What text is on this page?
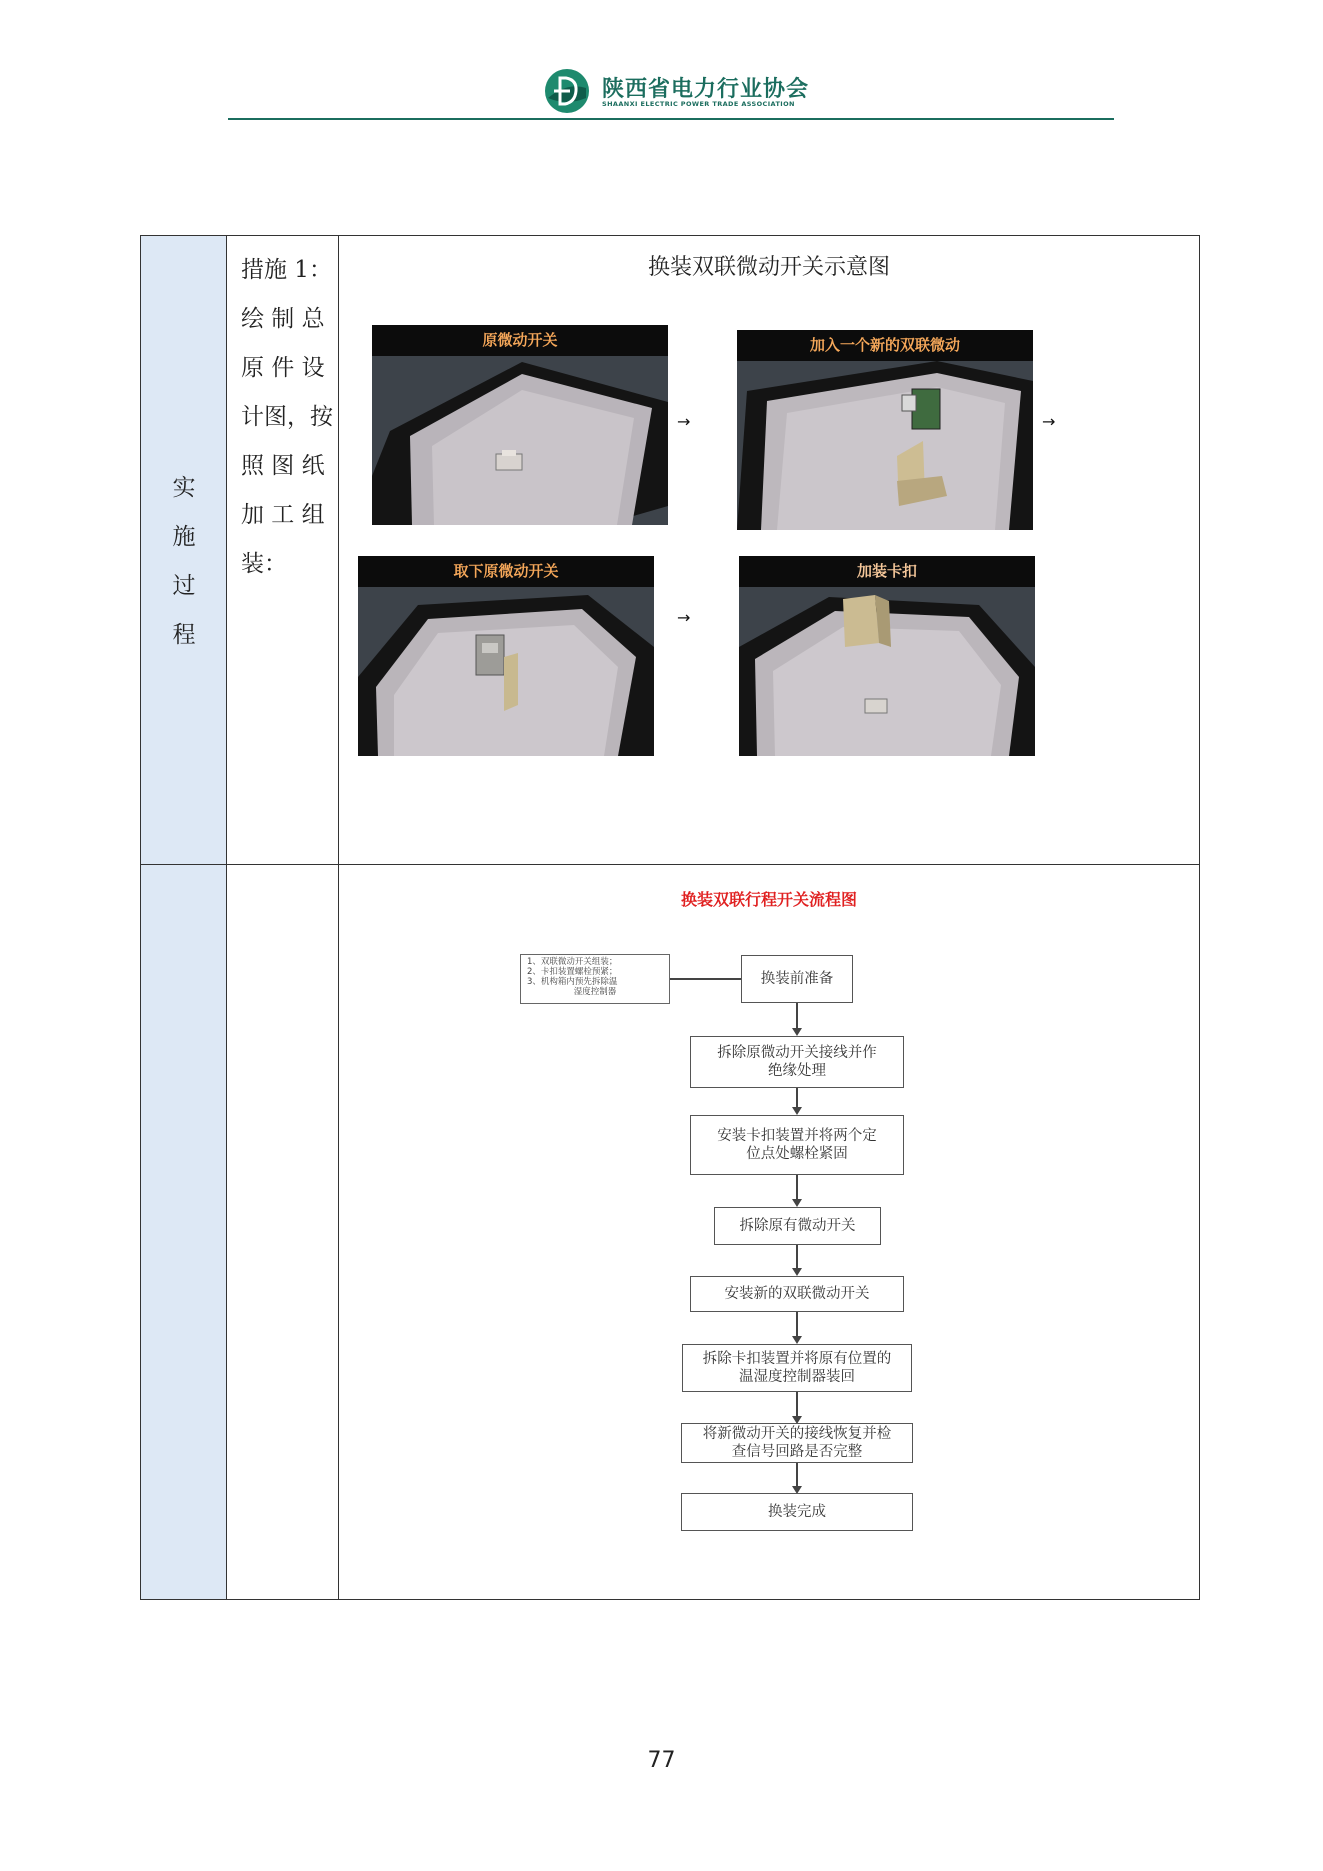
陕西省电力行业协会
SHAANXI ELECTRIC POWER TRADE ASSOCIATION
实
施
过
程
措施 1：
绘 制 总
原 件 设
计图，按
照 图 纸
加 工 组
装：
换装双联微动开关示意图
原微动开关
→
加入一个新的双联微动
→
取下原微动开关
→
加装卡扣
换装双联行程开关流程图
1、双联微动开关组装；
2、卡扣装置螺栓预紧；
3、机构箱内预先拆除温
湿度控制器
换装前准备
拆除原微动开关接线并作绝缘处理
安装卡扣装置并将两个定位点处螺栓紧固
拆除原有微动开关
安装新的双联微动开关
拆除卡扣装置并将原有位置的温湿度控制器装回
将新微动开关的接线恢复并检查信号回路是否完整
换装完成
77
